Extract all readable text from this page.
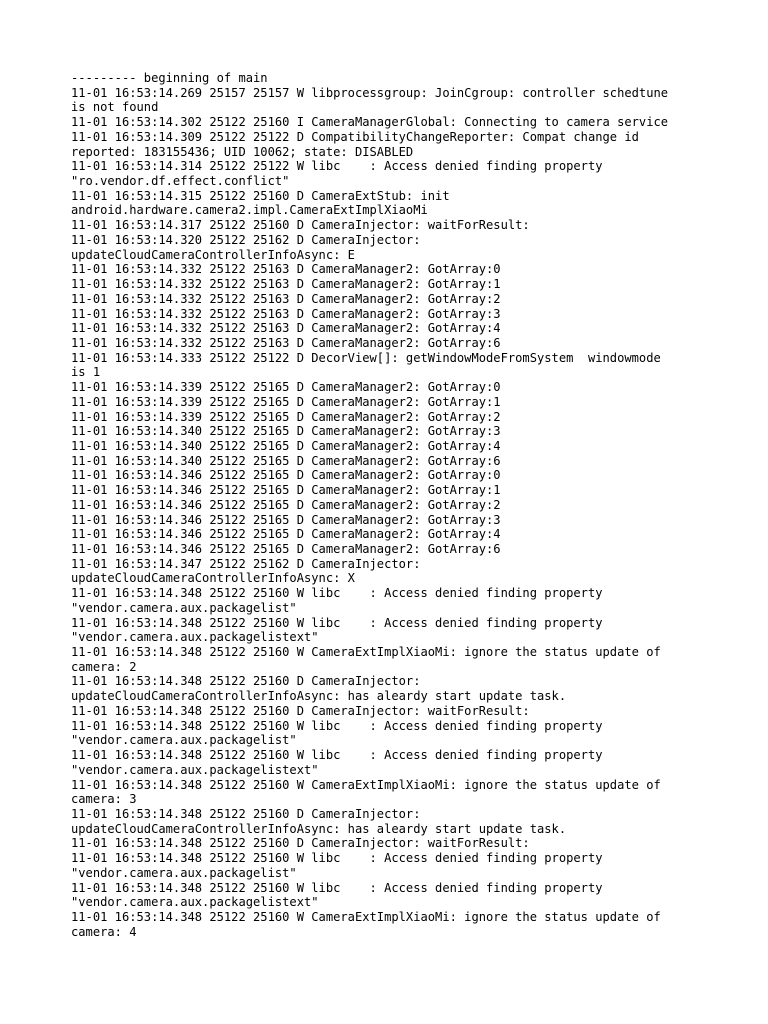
--------- beginning of main
11-01 16:53:14.269 25157 25157 W libprocessgroup: JoinCgroup: controller schedtune
is not found
11-01 16:53:14.302 25122 25160 I CameraManagerGlobal: Connecting to camera service
11-01 16:53:14.309 25122 25122 D CompatibilityChangeReporter: Compat change id
reported: 183155436; UID 10062; state: DISABLED
11-01 16:53:14.314 25122 25122 W libc    : Access denied finding property
"ro.vendor.df.effect.conflict"
11-01 16:53:14.315 25122 25160 D CameraExtStub: init
android.hardware.camera2.impl.CameraExtImplXiaoMi
11-01 16:53:14.317 25122 25160 D CameraInjector: waitForResult:
11-01 16:53:14.320 25122 25162 D CameraInjector:
updateCloudCameraControllerInfoAsync: E
11-01 16:53:14.332 25122 25163 D CameraManager2: GotArray:0
11-01 16:53:14.332 25122 25163 D CameraManager2: GotArray:1
11-01 16:53:14.332 25122 25163 D CameraManager2: GotArray:2
11-01 16:53:14.332 25122 25163 D CameraManager2: GotArray:3
11-01 16:53:14.332 25122 25163 D CameraManager2: GotArray:4
11-01 16:53:14.332 25122 25163 D CameraManager2: GotArray:6
11-01 16:53:14.333 25122 25122 D DecorView[]: getWindowModeFromSystem  windowmode
is 1
11-01 16:53:14.339 25122 25165 D CameraManager2: GotArray:0
11-01 16:53:14.339 25122 25165 D CameraManager2: GotArray:1
11-01 16:53:14.339 25122 25165 D CameraManager2: GotArray:2
11-01 16:53:14.340 25122 25165 D CameraManager2: GotArray:3
11-01 16:53:14.340 25122 25165 D CameraManager2: GotArray:4
11-01 16:53:14.340 25122 25165 D CameraManager2: GotArray:6
11-01 16:53:14.346 25122 25165 D CameraManager2: GotArray:0
11-01 16:53:14.346 25122 25165 D CameraManager2: GotArray:1
11-01 16:53:14.346 25122 25165 D CameraManager2: GotArray:2
11-01 16:53:14.346 25122 25165 D CameraManager2: GotArray:3
11-01 16:53:14.346 25122 25165 D CameraManager2: GotArray:4
11-01 16:53:14.346 25122 25165 D CameraManager2: GotArray:6
11-01 16:53:14.347 25122 25162 D CameraInjector:
updateCloudCameraControllerInfoAsync: X
11-01 16:53:14.348 25122 25160 W libc    : Access denied finding property
"vendor.camera.aux.packagelist"
11-01 16:53:14.348 25122 25160 W libc    : Access denied finding property
"vendor.camera.aux.packagelistext"
11-01 16:53:14.348 25122 25160 W CameraExtImplXiaoMi: ignore the status update of
camera: 2
11-01 16:53:14.348 25122 25160 D CameraInjector:
updateCloudCameraControllerInfoAsync: has aleardy start update task.
11-01 16:53:14.348 25122 25160 D CameraInjector: waitForResult:
11-01 16:53:14.348 25122 25160 W libc    : Access denied finding property
"vendor.camera.aux.packagelist"
11-01 16:53:14.348 25122 25160 W libc    : Access denied finding property
"vendor.camera.aux.packagelistext"
11-01 16:53:14.348 25122 25160 W CameraExtImplXiaoMi: ignore the status update of
camera: 3
11-01 16:53:14.348 25122 25160 D CameraInjector:
updateCloudCameraControllerInfoAsync: has aleardy start update task.
11-01 16:53:14.348 25122 25160 D CameraInjector: waitForResult:
11-01 16:53:14.348 25122 25160 W libc    : Access denied finding property
"vendor.camera.aux.packagelist"
11-01 16:53:14.348 25122 25160 W libc    : Access denied finding property
"vendor.camera.aux.packagelistext"
11-01 16:53:14.348 25122 25160 W CameraExtImplXiaoMi: ignore the status update of
camera: 4
